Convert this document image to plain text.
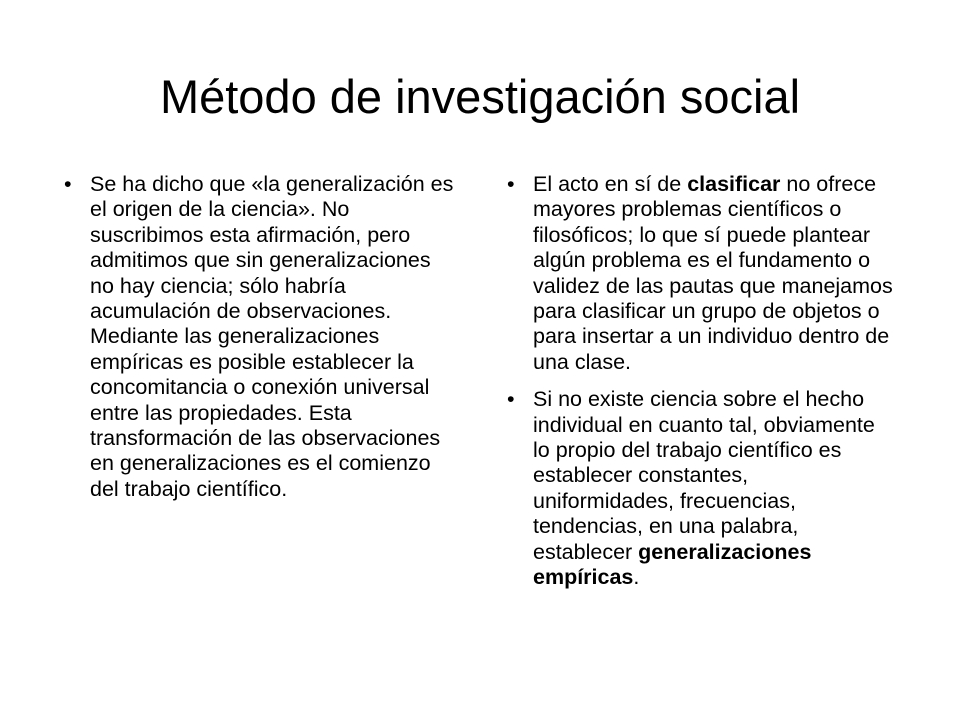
Método de investigación social
• Se ha dicho que «la generalización es el origen de la ciencia». No suscribimos esta afirmación, pero admitimos que sin generalizaciones no hay ciencia; sólo habría acumulación de observaciones. Mediante las generalizaciones empíricas es posible establecer la concomitancia o conexión universal entre las propiedades. Esta transformación de las observaciones en generalizaciones es el comienzo del trabajo científico.
• El acto en sí de clasificar no ofrece mayores problemas científicos o filosóficos; lo que sí puede plantear algún problema es el fundamento o validez de las pautas que manejamos para clasificar un grupo de objetos o para insertar a un individuo dentro de una clase.
• Si no existe ciencia sobre el hecho individual en cuanto tal, obviamente lo propio del trabajo científico es establecer constantes, uniformidades, frecuencias, tendencias, en una palabra, establecer generalizaciones empíricas.
